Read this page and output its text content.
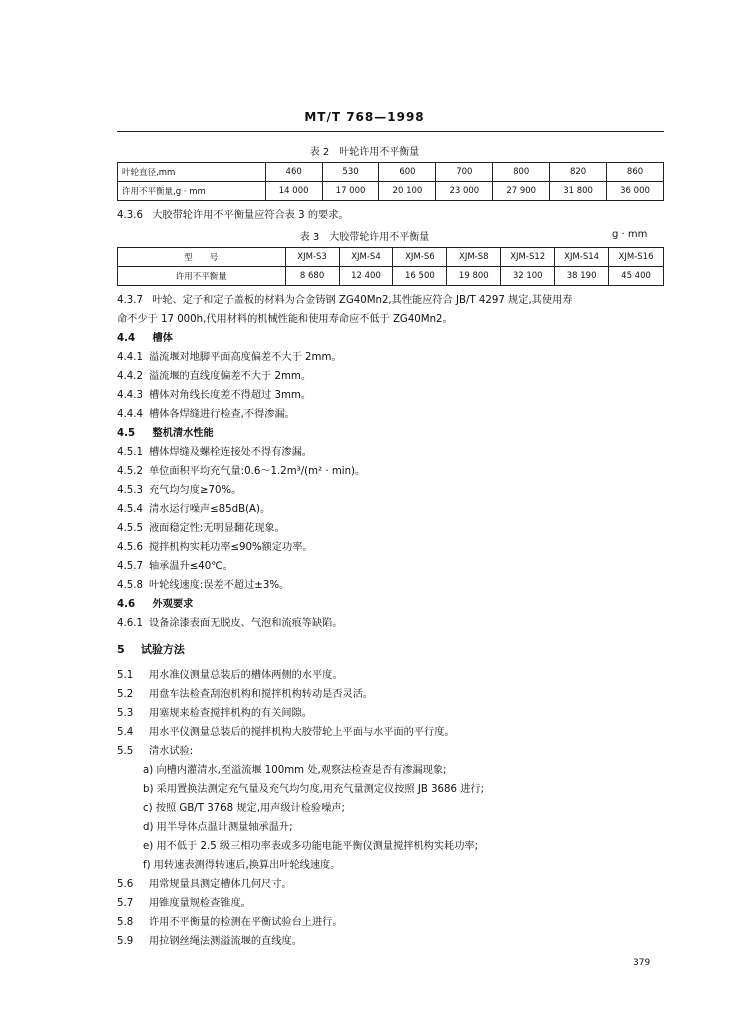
MT/T 768—1998
表 2　叶轮许用不平衡量
叶轮直径,mm	460	530	600	700	800	820	860
许用不平衡量,g · mm	14 000	17 000	20 100	23 000	27 900	31 800	36 000
4.3.6 大胶带轮许用不平衡量应符合表 3 的要求。
表 3　大胶带轮许用不平衡量	g · mm
型　　号	XJM-S3	XJM-S4	XJM-S6	XJM-S8	XJM-S12	XJM-S14	XJM-S16
许用不平衡量	8 680	12 400	16 500	19 800	32 100	38 190	45 400
4.3.7 叶轮、定子和定子盖板的材料为合金铸钢 ZG40Mn2,其性能应符合 JB/T 4297 规定,其使用寿
命不少于 17 000h,代用材料的机械性能和使用寿命应不低于 ZG40Mn2。
4.4 槽体
4.4.1 溢流堰对地脚平面高度偏差不大于 2mm。
4.4.2 溢流堰的直线度偏差不大于 2mm。
4.4.3 槽体对角线长度差不得超过 3mm。
4.4.4 槽体各焊缝进行检查,不得渗漏。
4.5 整机清水性能
4.5.1 槽体焊缝及螺栓连接处不得有渗漏。
4.5.2 单位面积平均充气量:0.6～1.2m³/(m² · min)。
4.5.3 充气均匀度≥70%。
4.5.4 清水运行噪声≤85dB(A)。
4.5.5 液面稳定性:无明显翻花现象。
4.5.6 搅拌机构实耗功率≤90%额定功率。
4.5.7 轴承温升≤40℃。
4.5.8 叶轮线速度:误差不超过±3%。
4.6 外观要求
4.6.1 设备涂漆表面无脱皮、气泡和流痕等缺陷。
5 试验方法
5.1 用水准仪测量总装后的槽体两侧的水平度。
5.2 用盘车法检查刮泡机构和搅拌机构转动是否灵活。
5.3 用塞规来检查搅拌机构的有关间隙。
5.4 用水平仪测量总装后的搅拌机构大胶带轮上平面与水平面的平行度。
5.5 清水试验:
a) 向槽内灌清水,至溢流堰 100mm 处,观察法检查是否有渗漏现象;
b) 采用置换法测定充气量及充气均匀度,用充气量测定仪按照 JB 3686 进行;
c) 按照 GB/T 3768 规定,用声级计检验噪声;
d) 用半导体点温计测量轴承温升;
e) 用不低于 2.5 级三相功率表或多功能电能平衡仪测量搅拌机构实耗功率;
f) 用转速表测得转速后,换算出叶轮线速度。
5.6 用常规量具测定槽体几何尺寸。
5.7 用锥度量规检查锥度。
5.8 许用不平衡量的检测在平衡试验台上进行。
5.9 用拉钢丝绳法测溢流堰的直线度。
379
